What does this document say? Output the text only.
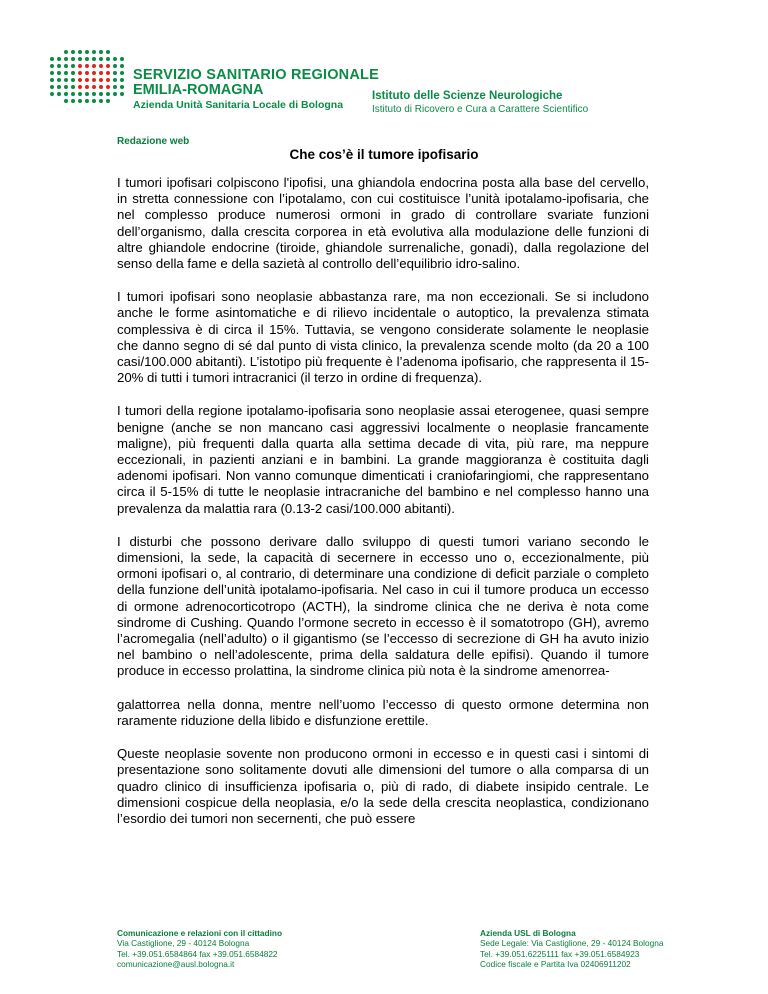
SERVIZIO SANITARIO REGIONALE
EMILIA-ROMAGNA
Azienda Unità Sanitaria Locale di Bologna
Istituto delle Scienze Neurologiche
Istituto di Ricovero e Cura a Carattere Scientifico
Redazione web
Che cos’è il tumore ipofisario

I tumori ipofisari colpiscono l'ipofisi, una ghiandola endocrina posta alla base del cervello, in stretta connessione con l’ipotalamo, con cui costituisce l’unità ipotalamo-ipofisaria, che nel complesso produce numerosi ormoni in grado di controllare svariate funzioni dell’organismo, dalla crescita corporea in età evolutiva alla modulazione delle funzioni di altre ghiandole endocrine (tiroide, ghiandole surrenaliche, gonadi), dalla regolazione del senso della fame e della sazietà al controllo dell’equilibrio idro-salino.

I tumori ipofisari sono neoplasie abbastanza rare, ma non eccezionali. Se si includono anche le forme asintomatiche e di rilievo incidentale o autoptico, la prevalenza stimata complessiva è di circa il 15%. Tuttavia, se vengono considerate solamente le neoplasie che danno segno di sé dal punto di vista clinico, la prevalenza scende molto (da 20 a 100 casi/100.000 abitanti). L’istotipo più frequente è l’adenoma ipofisario, che rappresenta il 15-20% di tutti i tumori intracranici (il terzo in ordine di frequenza).

I tumori della regione ipotalamo-ipofisaria sono neoplasie assai eterogenee, quasi sempre benigne (anche se non mancano casi aggressivi localmente o neoplasie francamente maligne), più frequenti dalla quarta alla settima decade di vita, più rare, ma neppure eccezionali, in pazienti anziani e in bambini. La grande maggioranza è costituita dagli adenomi ipofisari. Non vanno comunque dimenticati i craniofaringiomi, che rappresentano circa il 5-15% di tutte le neoplasie intracraniche del bambino e nel complesso hanno una prevalenza da malattia rara (0.13-2 casi/100.000 abitanti).

I disturbi che possono derivare dallo sviluppo di questi tumori variano secondo le dimensioni, la sede, la capacità di secernere in eccesso uno o, eccezionalmente, più ormoni ipofisari o, al contrario, di determinare una condizione di deficit parziale o completo della funzione dell’unità ipotalamo-ipofisaria. Nel caso in cui il tumore produca un eccesso di ormone adrenocorticotropo (ACTH), la sindrome clinica che ne deriva è nota come sindrome di Cushing. Quando l’ormone secreto in eccesso è il somatotropo (GH), avremo l’acromegalia (nell’adulto) o il gigantismo (se l’eccesso di secrezione di GH ha avuto inizio nel bambino o nell’adolescente, prima della saldatura delle epifisi). Quando il tumore produce in eccesso prolattina, la sindrome clinica più nota è la sindrome amenorrea-

galattorrea nella donna, mentre nell’uomo l’eccesso di questo ormone determina non raramente riduzione della libido e disfunzione erettile.

Queste neoplasie sovente non producono ormoni in eccesso e in questi casi i sintomi di presentazione sono solitamente dovuti alle dimensioni del tumore o alla comparsa di un quadro clinico di insufficienza ipofisaria o, più di rado, di diabete insipido centrale. Le dimensioni cospicue della neoplasia, e/o la sede della crescita neoplastica, condizionano l’esordio dei tumori non secernenti, che può essere

Comunicazione e relazioni con il cittadino
Via Castiglione, 29 - 40124 Bologna
Tel. +39.051.6584864 fax +39.051.6584822
comunicazione@ausl.bologna.it
Azienda USL di Bologna
Sede Legale: Via Castiglione, 29 - 40124 Bologna
Tel. +39.051.6225111 fax +39.051.6584923
Codice fiscale e Partita Iva 02406911202
